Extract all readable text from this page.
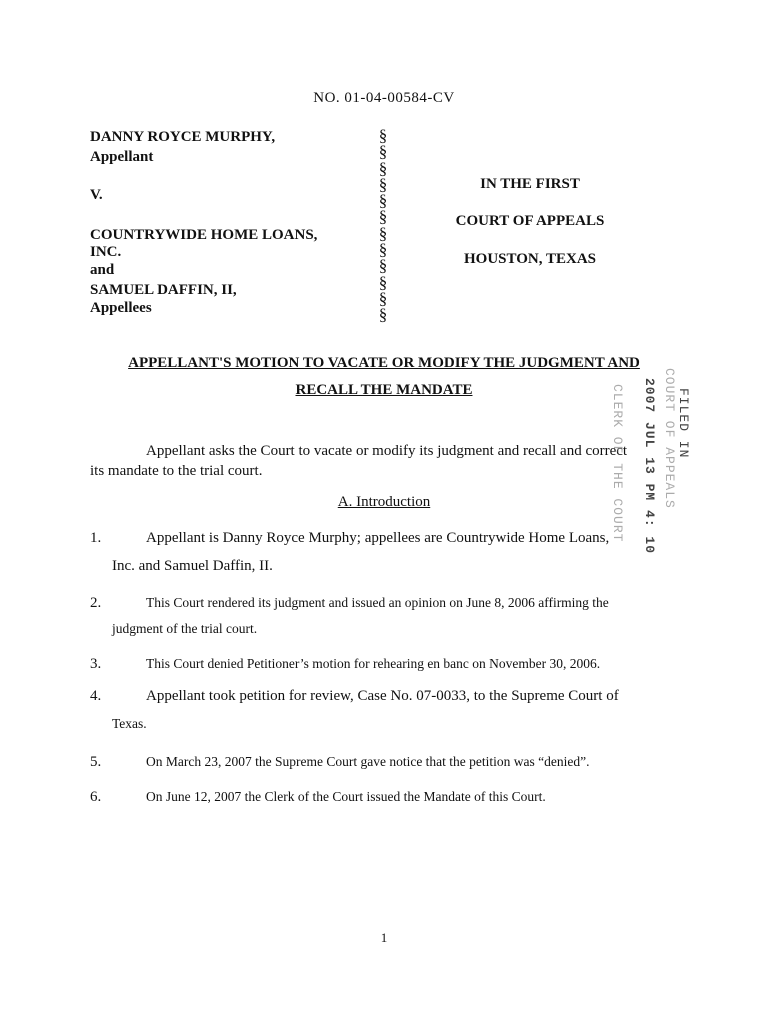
NO. 01-04-00584-CV
DANNY ROYCE MURPHY,
Appellant
V.
COUNTRYWIDE HOME LOANS,
INC.
and
SAMUEL DAFFIN, II,
Appellees
§
§
§
§
§
§
§
§
§
§
§
§
IN THE FIRST
COURT OF APPEALS
HOUSTON, TEXAS
APPELLANT'S MOTION TO VACATE OR MODIFY THE JUDGMENT AND
RECALL THE MANDATE
Appellant asks the Court to vacate or modify its judgment and recall and correct
its mandate to the trial court.
A. Introduction
1.	Appellant is Danny Royce Murphy; appellees are Countrywide Home Loans,
Inc. and Samuel Daffin, II.
2.	This Court rendered its judgment and issued an opinion on June 8, 2006 affirming the
judgment of the trial court.
3.	This Court denied Petitioner’s motion for rehearing en banc on November 30, 2006.
4.	Appellant took petition for review, Case No. 07-0033, to the Supreme Court of
Texas.
5.	On March 23, 2007 the Supreme Court gave notice that the petition was “denied”.
6.	On June 12, 2007 the Clerk of the Court issued the Mandate of this Court.
2007 JUL 13 PM 4: 10 FILED IN
COURT OF APPEALS
CLERK OF THE COURT
1
